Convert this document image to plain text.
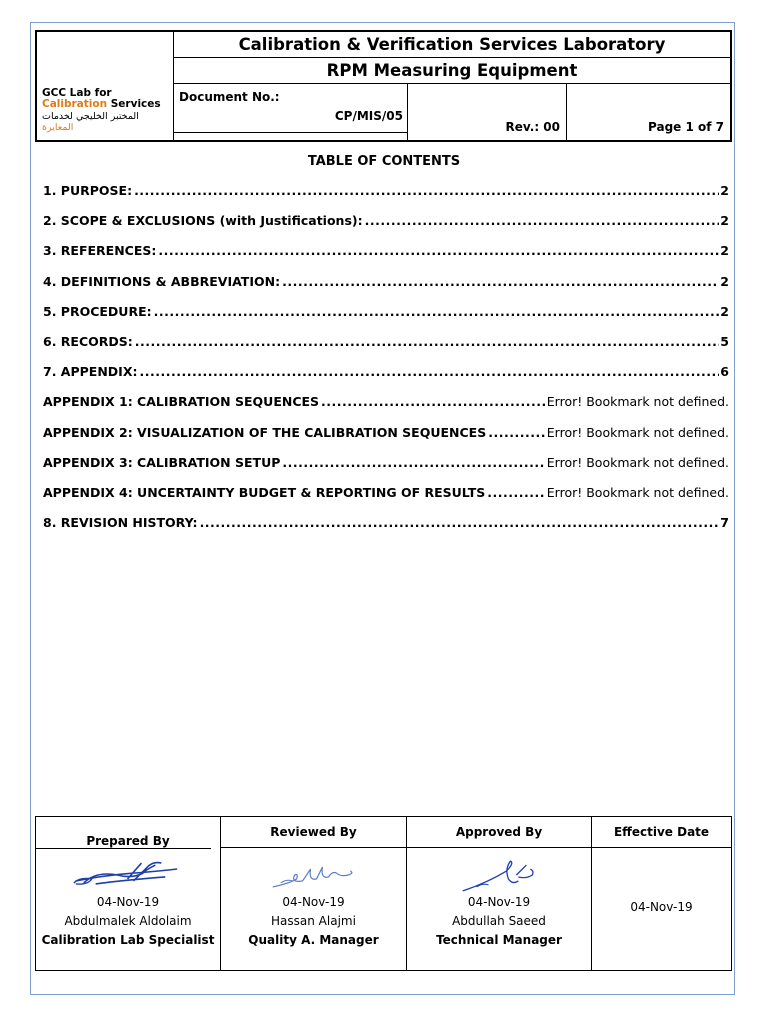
GCC Lab for
Calibration Services
المختبر الخليجي لخدمات المعايرة
Calibration & Verification Services Laboratory
RPM Measuring Equipment
Document No.:
CP/MIS/05
Rev.: 00	Page 1 of 7
TABLE OF CONTENTS
1. PURPOSE: .....	2
2. SCOPE & EXCLUSIONS (with Justifications): .....	2
3. REFERENCES: .....	2
4. DEFINITIONS & ABBREVIATION: .....	2
5. PROCEDURE: .....	2
6. RECORDS: .....	5
7. APPENDIX: .....	6
APPENDIX 1: CALIBRATION SEQUENCES .....	Error! Bookmark not defined.
APPENDIX 2: VISUALIZATION OF THE CALIBRATION SEQUENCES .....	Error! Bookmark not defined.
APPENDIX 3: CALIBRATION SETUP .....	Error! Bookmark not defined.
APPENDIX 4: UNCERTAINTY BUDGET & REPORTING OF RESULTS .....	Error! Bookmark not defined.
8. REVISION HISTORY: .....	7
Prepared By
04-Nov-19
Abdulmalek Aldolaim
Calibration Lab Specialist
Reviewed By
04-Nov-19
Hassan Alajmi
Quality A. Manager
Approved By
04-Nov-19
Abdullah Saeed
Technical Manager
Effective Date
04-Nov-19
